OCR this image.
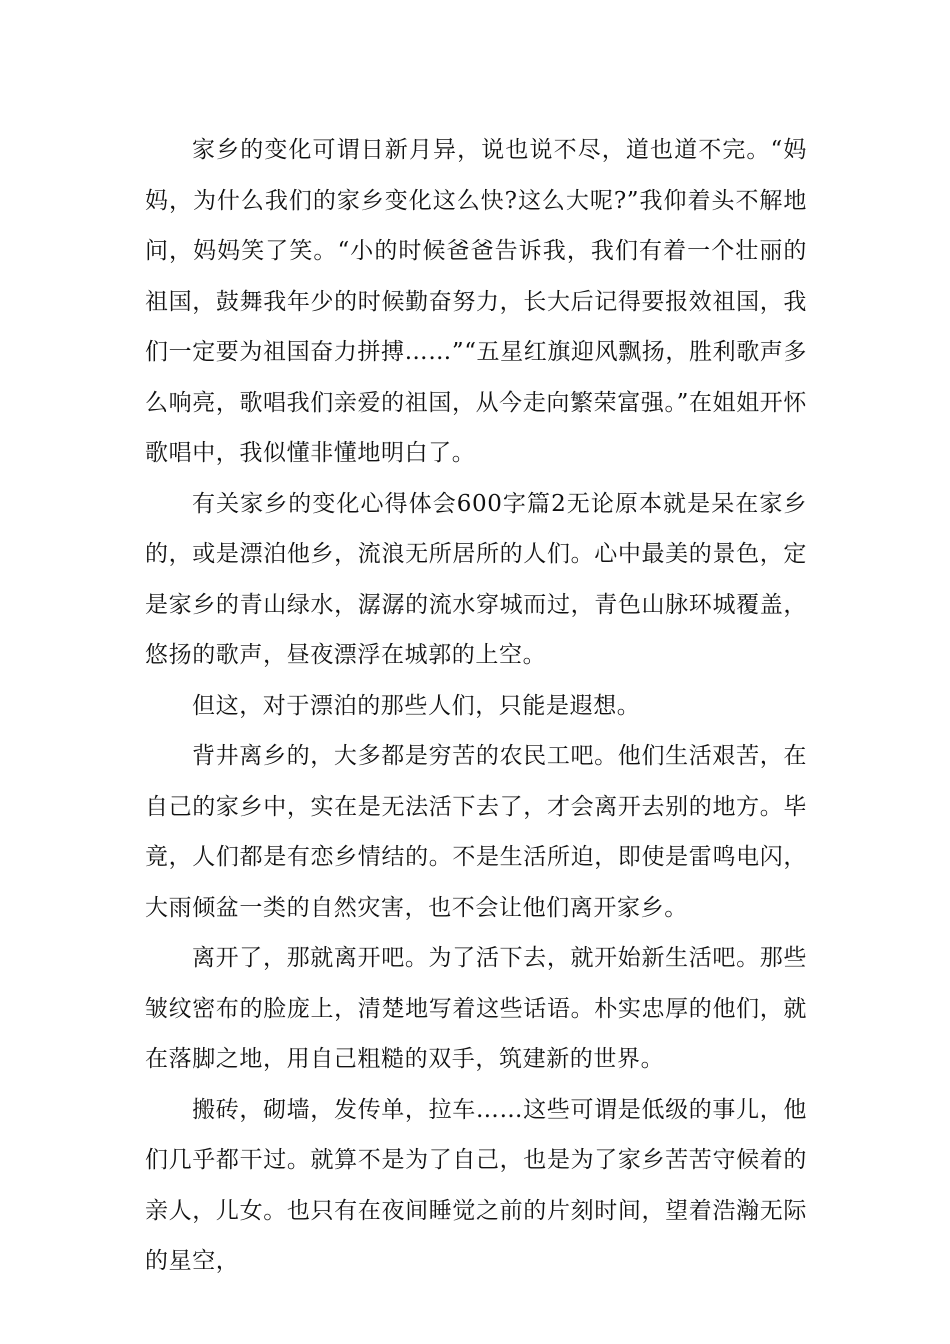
家乡的变化可谓日新月异，说也说不尽，道也道不完。“妈妈，为什么我们的家乡变化这么快?这么大呢?”我仰着头不解地问，妈妈笑了笑。“小的时候爸爸告诉我，我们有着一个壮丽的祖国，鼓舞我年少的时候勤奋努力，长大后记得要报效祖国，我们一定要为祖国奋力拼搏……”“五星红旗迎风飘扬，胜利歌声多么响亮，歌唱我们亲爱的祖国，从今走向繁荣富强。”在姐姐开怀歌唱中，我似懂非懂地明白了。

有关家乡的变化心得体会600字篇2无论原本就是呆在家乡的，或是漂泊他乡，流浪无所居所的人们。心中最美的景色，定是家乡的青山绿水，潺潺的流水穿城而过，青色山脉环城覆盖，悠扬的歌声，昼夜漂浮在城郭的上空。

但这，对于漂泊的那些人们，只能是遐想。

背井离乡的，大多都是穷苦的农民工吧。他们生活艰苦，在自己的家乡中，实在是无法活下去了，才会离开去别的地方。毕竟，人们都是有恋乡情结的。不是生活所迫，即使是雷鸣电闪，大雨倾盆一类的自然灾害，也不会让他们离开家乡。

离开了，那就离开吧。为了活下去，就开始新生活吧。那些皱纹密布的脸庞上，清楚地写着这些话语。朴实忠厚的他们，就在落脚之地，用自己粗糙的双手，筑建新的世界。

搬砖，砌墙，发传单，拉车……这些可谓是低级的事儿，他们几乎都干过。就算不是为了自己，也是为了家乡苦苦守候着的亲人，儿女。也只有在夜间睡觉之前的片刻时间，望着浩瀚无际的星空，
